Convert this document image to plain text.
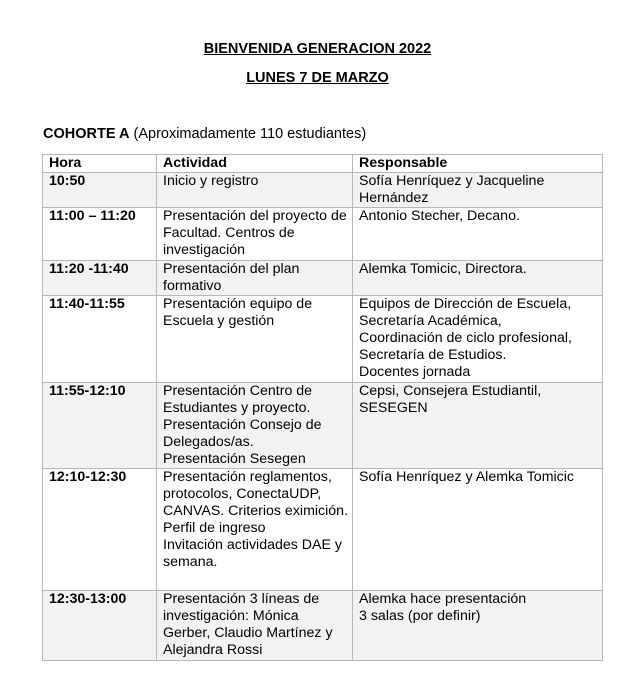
BIENVENIDA GENERACION 2022
LUNES 7 DE MARZO
COHORTE A (Aproximadamente 110 estudiantes)
Hora	Actividad	Responsable
10:50	Inicio y registro	Sofía Henríquez y Jacqueline Hernández
11:00 – 11:20	Presentación del proyecto de Facultad. Centros de investigación	Antonio Stecher, Decano.
11:20 -11:40	Presentación del plan formativo	Alemka Tomicic, Directora.
11:40-11:55	Presentación equipo de Escuela y gestión	Equipos de Dirección de Escuela,
Secretaría Académica,
Coordinación de ciclo profesional,
Secretaría de Estudios.
Docentes jornada
11:55-12:10	Presentación Centro de Estudiantes y proyecto.
Presentación Consejo de Delegados/as.
Presentación Sesegen	Cepsi, Consejera Estudiantil, SESEGEN
12:10-12:30	Presentación reglamentos, protocolos, ConectaUDP, CANVAS. Criterios eximición. Perfil de ingreso
Invitación actividades DAE y semana.	Sofía Henríquez y Alemka Tomicic
12:30-13:00	Presentación 3 líneas de investigación: Mónica Gerber, Claudio Martínez y Alejandra Rossi	Alemka hace presentación
3 salas (por definir)
